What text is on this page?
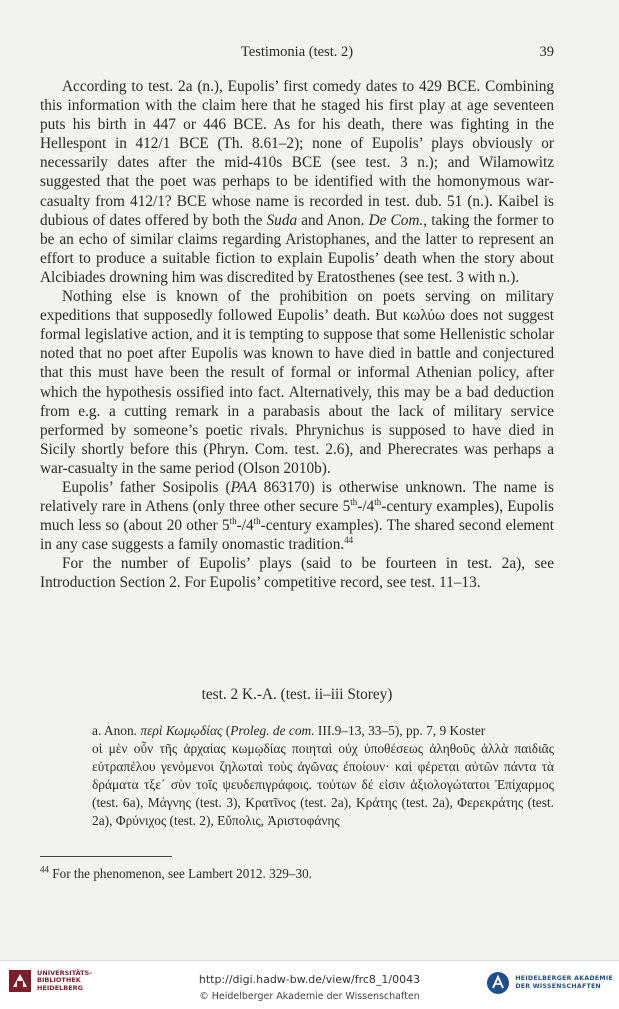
Testimonia (test. 2)	39

According to test. 2a (n.), Eupolis’ first comedy dates to 429 BCE. Combining this information with the claim here that he staged his first play at age seventeen puts his birth in 447 or 446 BCE. As for his death, there was fighting in the Hellespont in 412/1 BCE (Th. 8.61–2); none of Eupolis’ plays obviously or necessarily dates after the mid-410s BCE (see test. 3 n.); and Wilamowitz suggested that the poet was perhaps to be identified with the homonymous war-casualty from 412/1? BCE whose name is recorded in test. dub. 51 (n.). Kaibel is dubious of dates offered by both the Suda and Anon. De Com., taking the former to be an echo of similar claims regarding Aristophanes, and the latter to represent an effort to produce a suitable fiction to explain Eupolis’ death when the story about Alcibiades drowning him was discredited by Eratosthenes (see test. 3 with n.).

Nothing else is known of the prohibition on poets serving on military expeditions that supposedly followed Eupolis’ death. But κωλύω does not suggest formal legislative action, and it is tempting to suppose that some Hellenistic scholar noted that no poet after Eupolis was known to have died in battle and conjectured that this must have been the result of formal or informal Athenian policy, after which the hypothesis ossified into fact. Alternatively, this may be a bad deduction from e.g. a cutting remark in a parabasis about the lack of military service performed by someone’s poetic rivals. Phrynichus is supposed to have died in Sicily shortly before this (Phryn. Com. test. 2.6), and Pherecrates was perhaps a war-casualty in the same period (Olson 2010b).

Eupolis’ father Sosipolis (PAA 863170) is otherwise unknown. The name is relatively rare in Athens (only three other secure 5th-/4th-century examples), Eupolis much less so (about 20 other 5th-/4th-century examples). The shared second element in any case suggests a family onomastic tradition.$^{44}$

For the number of Eupolis’ plays (said to be fourteen in test. 2a), see Introduction Section 2. For Eupolis’ competitive record, see test. 11–13.

test. 2 K.-A. (test. ii–iii Storey)
a. Anon. περὶ Κωμῳδίας (Proleg. de com. III.9–13, 33–5), pp. 7, 9 Koster
οἱ μὲν οὖν τῆς ἀρχαίας κωμῳδίας ποιηταὶ οὐχ ὑποθέσεως ἀληθοῦς ἀλλὰ παιδιᾶς εὐτραπέλου γενόμενοι ζηλωταὶ τοὺς ἀγῶνας ἐποίουν· καὶ φέρεται αὐτῶν πάντα τὰ δράματα τξε´ σὺν τοῖς ψευδεπιγράφοις. τούτων δέ εἰσιν ἀξιολογώτατοι Ἐπίχαρμος (test. 6a), Μάγνης (test. 3), Κρατῖνος (test. 2a), Κράτης (test. 2a), Φερεκράτης (test. 2a), Φρύνιχος (test. 2), Εὔπολις, Ἀριστοφάνης
$^{44}$ For the phenomenon, see Lambert 2012. 329–30.
UNIVERSITÄTS-
BIBLIOTHEK
HEIDELBERG
http://digi.hadw-bw.de/view/frc8_1/0043
© Heidelberger Akademie der Wissenschaften
HEIDELBERGER AKADEMIE
DER WISSENSCHAFTEN
